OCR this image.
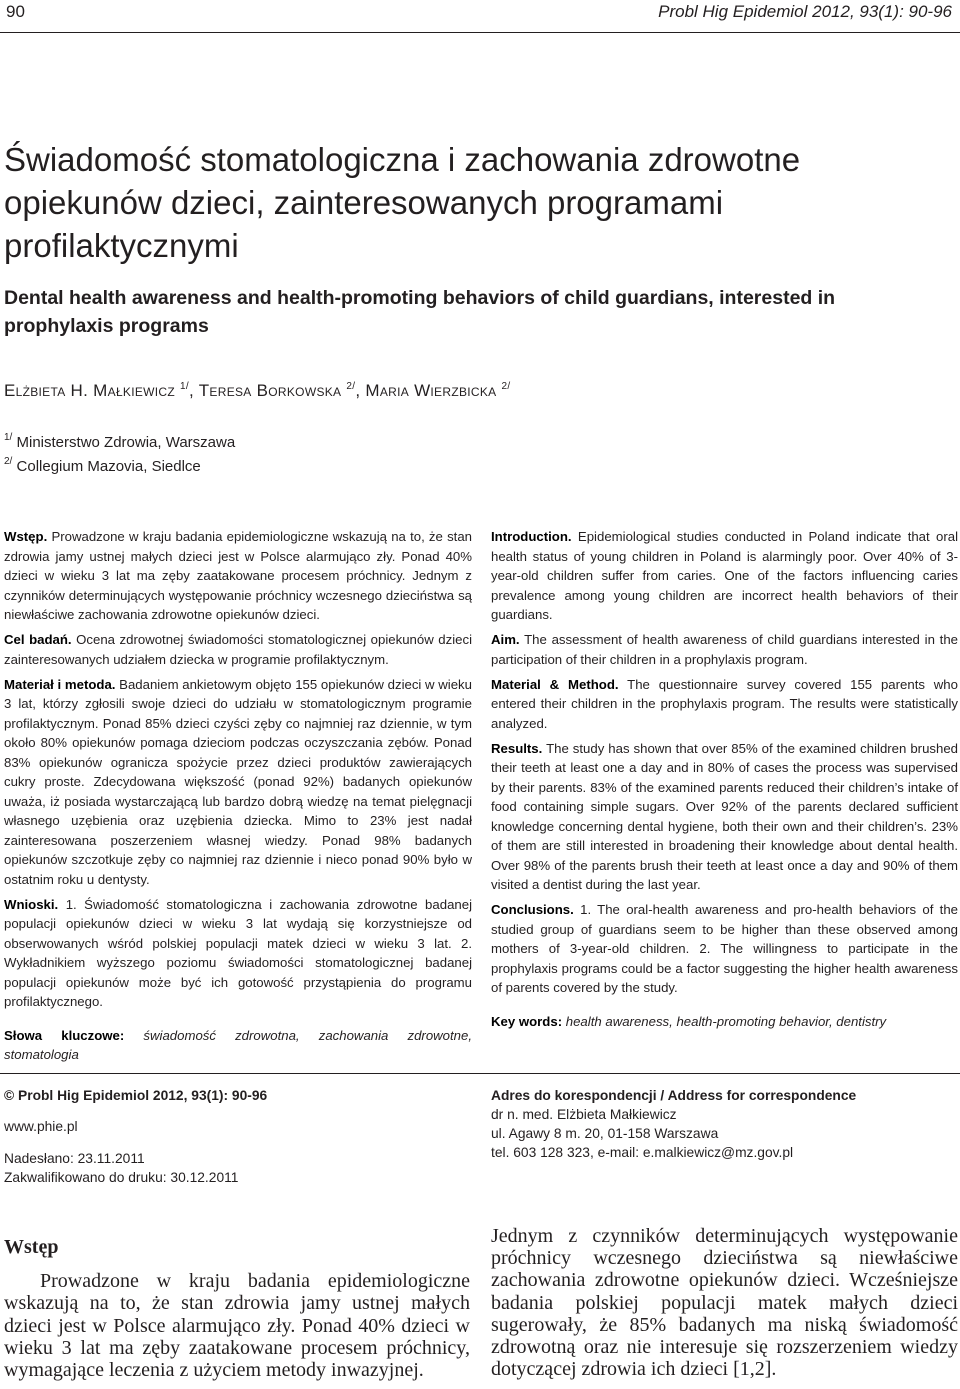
90	Probl Hig Epidemiol 2012, 93(1): 90-96
Świadomość stomatologiczna i zachowania zdrowotne opiekunów dzieci, zainteresowanych programami profilaktycznymi
Dental health awareness and health-promoting behaviors of child guardians, interested in prophylaxis programs
Elżbieta H. Małkiewicz $^{1/}$, Teresa Borkowska $^{2/}$, Maria Wierzbicka $^{2/}$
$^{1/}$ Ministerstwo Zdrowia, Warszawa
$^{2/}$ Collegium Mazovia, Siedlce

Wstęp. Prowadzone w kraju badania epidemiologiczne wskazują na to, że stan zdrowia jamy ustnej małych dzieci jest w Polsce alarmująco zły. Ponad 40% dzieci w wieku 3 lat ma zęby zaatakowane procesem próchnicy. Jednym z czynników determinujących występowanie próchnicy wczesnego dzieciństwa są niewłaściwe zachowania zdrowotne opiekunów dzieci.

Cel badań. Ocena zdrowotnej świadomości stomatologicznej opiekunów dzieci zainteresowanych udziałem dziecka w programie profilaktycznym.

Materiał i metoda. Badaniem ankietowym objęto 155 opiekunów dzieci w wieku 3 lat, którzy zgłosili swoje dzieci do udziału w stomatologicznym programie profilaktycznym. Ponad 85% dzieci czyści zęby co najmniej raz dziennie, w tym około 80% opiekunów pomaga dzieciom podczas oczyszczania zębów. Ponad 83% opiekunów ogranicza spożycie przez dzieci produktów zawierających cukry proste. Zdecydowana większość (ponad 92%) badanych opiekunów uważa, iż posiada wystarczającą lub bardzo dobrą wiedzę na temat pielęgnacji własnego uzębienia oraz uzębienia dziecka. Mimo to 23% jest nadał zainteresowana poszerzeniem własnej wiedzy. Ponad 98% badanych opiekunów szczotkuje zęby co najmniej raz dziennie i nieco ponad 90% było w ostatnim roku u dentysty.

Wnioski. 1. Świadomość stomatologiczna i zachowania zdrowotne badanej populacji opiekunów dzieci w wieku 3 lat wydają się korzystniejsze od obserwowanych wśród polskiej populacji matek dzieci w wieku 3 lat. 2. Wykładnikiem wyższego poziomu świadomości stomatologicznej badanej populacji opiekunów może być ich gotowość przystąpienia do programu profilaktycznego.

Słowa kluczowe: świadomość zdrowotna, zachowania zdrowotne, stomatologia

Introduction. Epidemiological studies conducted in Poland indicate that oral health status of young children in Poland is alarmingly poor. Over 40% of 3-year-old children suffer from caries. One of the factors influencing caries prevalence among young children are incorrect health behaviors of their guardians.

Aim. The assessment of health awareness of child guardians interested in the participation of their children in a prophylaxis program.

Material & Method. The questionnaire survey covered 155 parents who entered their children in the prophylaxis program. The results were statistically analyzed.

Results. The study has shown that over 85% of the examined children brushed their teeth at least one a day and in 80% of cases the process was supervised by their parents. 83% of the examined parents reduced their children’s intake of food containing simple sugars. Over 92% of the parents declared sufficient knowledge concerning dental hygiene, both their own and their children’s. 23% of them are still interested in broadening their knowledge about dental health. Over 98% of the parents brush their teeth at least once a day and 90% of them visited a dentist during the last year.

Conclusions. 1. The oral-health awareness and pro-health behaviors of the studied group of guardians seem to be higher than these observed among mothers of 3-year-old children. 2. The willingness to participate in the prophylaxis programs could be a factor suggesting the higher health awareness of parents covered by the study.

Key words: health awareness, health-promoting behavior, dentistry

© Probl Hig Epidemiol 2012, 93(1): 90-96
www.phie.pl
Nadesłano: 23.11.2011
Zakwalifikowano do druku: 30.12.2011
Adres do korespondencji / Address for correspondence
dr n. med. Elżbieta Małkiewicz
ul. Agawy 8 m. 20, 01-158 Warszawa
tel. 603 128 323, e-mail: e.malkiewicz@mz.gov.pl
Wstęp

Prowadzone w kraju badania epidemiologiczne wskazują na to, że stan zdrowia jamy ustnej małych dzieci jest w Polsce alarmująco zły. Ponad 40% dzieci w wieku 3 lat ma zęby zaatakowane procesem próchnicy, wymagające leczenia z użyciem metody inwazyjnej.

Jednym z czynników determinujących występowanie próchnicy wczesnego dzieciństwa są niewłaściwe zachowania zdrowotne opiekunów dzieci. Wcześniejsze badania polskiej populacji matek małych dzieci sugerowały, że 85% badanych ma niską świadomość zdrowotną oraz nie interesuje się rozszerzeniem wiedzy dotyczącej zdrowia ich dzieci [1,2].
